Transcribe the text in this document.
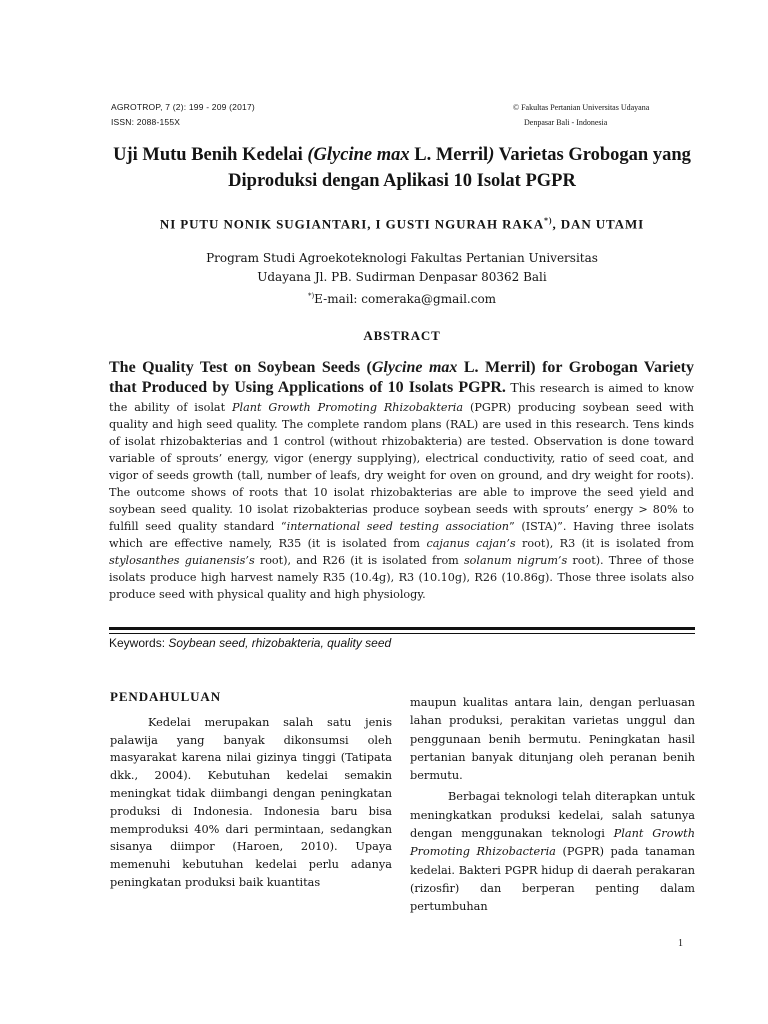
AGROTROP, 7 (2): 199 - 209 (2017)
ISSN: 2088-155X
© Fakultas Pertanian Universitas Udayana
Denpasar Bali - Indonesia
Uji Mutu Benih Kedelai (Glycine max L. Merril) Varietas Grobogan yang Diproduksi dengan Aplikasi 10 Isolat PGPR
NI PUTU NONIK SUGIANTARI, I GUSTI NGURAH RAKA*), DAN UTAMI
Program Studi Agroekoteknologi Fakultas Pertanian Universitas
Udayana Jl. PB. Sudirman Denpasar 80362 Bali
*)E-mail: comeraka@gmail.com
ABSTRACT
The Quality Test on Soybean Seeds (Glycine max L. Merril) for Grobogan Variety that Produced by Using Applications of 10 Isolats PGPR. This research is aimed to know the ability of isolat Plant Growth Promoting Rhizobakteria (PGPR) producing soybean seed with quality and high seed quality. The complete random plans (RAL) are used in this research. Tens kinds of isolat rhizobakterias and 1 control (without rhizobakteria) are tested. Observation is done toward variable of sprouts’ energy, vigor (energy supplying), electrical conductivity, ratio of seed coat, and vigor of seeds growth (tall, number of leafs, dry weight for oven on ground, and dry weight for roots). The outcome shows of roots that 10 isolat rhizobakterias are able to improve the seed yield and soybean seed quality. 10 isolat rizobakterias produce soybean seeds with sprouts’ energy > 80% to fulfill seed quality standard “international seed testing association” (ISTA)”. Having three isolats which are effective namely, R35 (it is isolated from cajanus cajan’s root), R3 (it is isolated from stylosanthes guianensis’s root), and R26 (it is isolated from solanum nigrum’s root). Three of those isolats produce high harvest namely R35 (10.4g), R3 (10.10g), R26 (10.86g). Those three isolats also produce seed with physical quality and high physiology.
Keywords: Soybean seed, rhizobakteria, quality seed
PENDAHULUAN

Kedelai merupakan salah satu jenis palawija yang banyak dikonsumsi oleh masyarakat karena nilai gizinya tinggi (Tatipata dkk., 2004). Kebutuhan kedelai semakin meningkat tidak diimbangi dengan peningkatan produksi di Indonesia. Indonesia baru bisa memproduksi 40% dari permintaan, sedangkan sisanya diimpor (Haroen, 2010). Upaya memenuhi kebutuhan kedelai perlu adanya peningkatan produksi baik kuantitas

maupun kualitas antara lain, dengan perluasan lahan produksi, perakitan varietas unggul dan penggunaan benih bermutu. Peningkatan hasil pertanian banyak ditunjang oleh peranan benih bermutu.

Berbagai teknologi telah diterapkan untuk meningkatkan produksi kedelai, salah satunya dengan menggunakan teknologi Plant Growth Promoting Rhizobacteria (PGPR) pada tanaman kedelai. Bakteri PGPR hidup di daerah perakaran (rizosfir) dan berperan penting dalam pertumbuhan

1
